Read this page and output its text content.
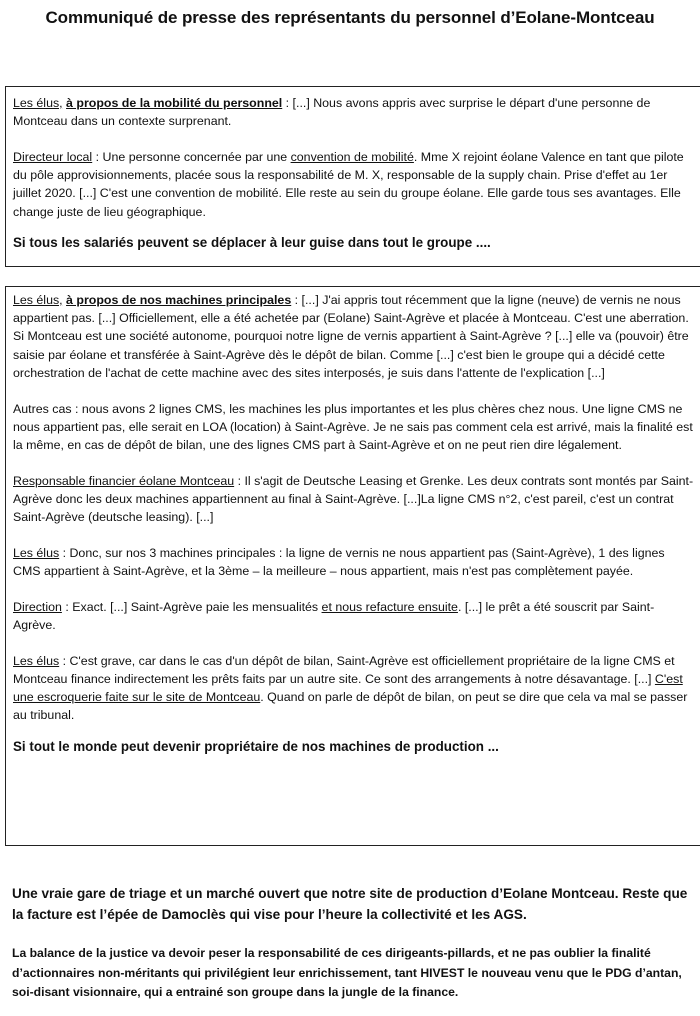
Communiqué de presse des représentants du personnel d’Eolane-Montceau

Les élus, à propos de la mobilité du personnel : [...] Nous avons appris avec surprise le départ d'une personne de Montceau dans un contexte surprenant.

Directeur local : Une personne concernée par une convention de mobilité. Mme X rejoint éolane Valence en tant que pilote du pôle approvisionnements, placée sous la responsabilité de M. X, responsable de la supply chain. Prise d'effet au 1er juillet 2020. [...] C'est une convention de mobilité. Elle reste au sein du groupe éolane. Elle garde tous ses avantages. Elle change juste de lieu géographique.

Si tous les salariés peuvent se déplacer à leur guise dans tout le groupe ....

Les élus, à propos de nos machines principales : [...] J'ai appris tout récemment que la ligne (neuve) de vernis ne nous appartient pas. [...] Officiellement, elle a été achetée par (Eolane) Saint-Agrève et placée à Montceau. C'est une aberration. Si Montceau est une société autonome, pourquoi notre ligne de vernis appartient à Saint-Agrève ? [...] elle va (pouvoir) être saisie par éolane et transférée à Saint-Agrève dès le dépôt de bilan. Comme [...] c'est bien le groupe qui a décidé cette orchestration de l'achat de cette machine avec des sites interposés, je suis dans l'attente de l'explication [...]

Autres cas : nous avons 2 lignes CMS, les machines les plus importantes et les plus chères chez nous. Une ligne CMS ne nous appartient pas, elle serait en LOA (location) à Saint-Agrève. Je ne sais pas comment cela est arrivé, mais la finalité est la même, en cas de dépôt de bilan, une des lignes CMS part à Saint-Agrève et on ne peut rien dire légalement.

Responsable financier éolane Montceau : Il s'agit de Deutsche Leasing et Grenke. Les deux contrats sont montés par Saint-Agrève donc les deux machines appartiennent au final à Saint-Agrève. [...]La ligne CMS n°2, c'est pareil, c'est un contrat Saint-Agrève (deutsche leasing). [...]

Les élus : Donc, sur nos 3 machines principales : la ligne de vernis ne nous appartient pas (Saint-Agrève), 1 des lignes CMS appartient à Saint-Agrève, et la 3ème – la meilleure – nous appartient, mais n'est pas complètement payée.

Direction : Exact. [...] Saint-Agrève paie les mensualités et nous refacture ensuite. [...] le prêt a été souscrit par Saint-Agrève.

Les élus : C'est grave, car dans le cas d'un dépôt de bilan, Saint-Agrève est officiellement propriétaire de la ligne CMS et Montceau finance indirectement les prêts faits par un autre site. Ce sont des arrangements à notre désavantage. [...] C'est une escroquerie faite sur le site de Montceau. Quand on parle de dépôt de bilan, on peut se dire que cela va mal se passer au tribunal.

Si tout le monde peut devenir propriétaire de nos machines de production ...

Une vraie gare de triage et un marché ouvert que notre site de production d’Eolane Montceau. Reste que la facture est l’épée de Damoclès qui vise pour l’heure la collectivité et les AGS.
La balance de la justice va devoir peser la responsabilité de ces dirigeants-pillards, et ne pas oublier la finalité d’actionnaires non-méritants qui privilégient leur enrichissement, tant HIVEST le nouveau venu que le PDG d’antan, soi-disant visionnaire, qui a entrainé son groupe dans la jungle de la finance.
